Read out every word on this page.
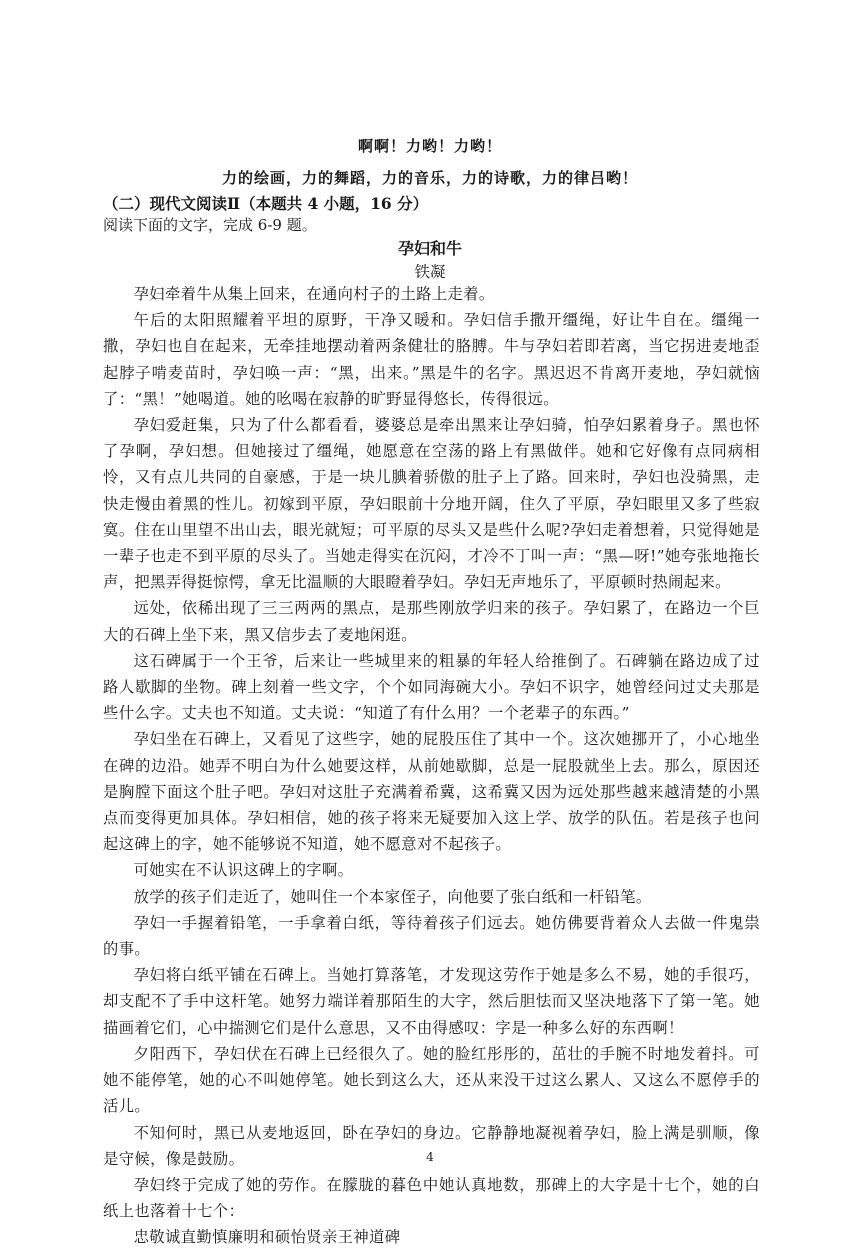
啊啊！力哟！力哟！
力的绘画，力的舞蹈，力的音乐，力的诗歌，力的律吕哟！
（二）现代文阅读Ⅱ（本题共 4 小题，16 分）
阅读下面的文字，完成 6-9 题。
孕妇和牛
铁凝

孕妇牵着牛从集上回来，在通向村子的土路上走着。

午后的太阳照耀着平坦的原野，干净又暖和。孕妇信手撒开缰绳，好让牛自在。缰绳一撒，孕妇也自在起来，无牵挂地摆动着两条健壮的胳膊。牛与孕妇若即若离，当它拐进麦地歪起脖子啃麦苗时，孕妇唤一声：“黑，出来。”黑是牛的名字。黑迟迟不肯离开麦地，孕妇就恼了：“黑！”她喝道。她的吆喝在寂静的旷野显得悠长，传得很远。

孕妇爱赶集，只为了什么都看看，婆婆总是牵出黑来让孕妇骑，怕孕妇累着身子。黑也怀了孕啊，孕妇想。但她接过了缰绳，她愿意在空荡的路上有黑做伴。她和它好像有点同病相怜，又有点儿共同的自豪感，于是一块儿腆着骄傲的肚子上了路。回来时，孕妇也没骑黑，走快走慢由着黑的性儿。初嫁到平原，孕妇眼前十分地开阔，住久了平原，孕妇眼里又多了些寂寞。住在山里望不出山去，眼光就短；可平原的尽头又是些什么呢?孕妇走着想着，只觉得她是一辈子也走不到平原的尽头了。当她走得实在沉闷，才冷不丁叫一声：“黑—呀!”她夸张地拖长声，把黑弄得挺惊愕，拿无比温顺的大眼瞪着孕妇。孕妇无声地乐了，平原顿时热闹起来。

远处，依稀出现了三三两两的黑点，是那些刚放学归来的孩子。孕妇累了，在路边一个巨大的石碑上坐下来，黑又信步去了麦地闲逛。

这石碑属于一个王爷，后来让一些城里来的粗暴的年轻人给推倒了。石碑躺在路边成了过路人歇脚的坐物。碑上刻着一些文字，个个如同海碗大小。孕妇不识字，她曾经问过丈夫那是些什么字。丈夫也不知道。丈夫说：“知道了有什么用？一个老辈子的东西。”

孕妇坐在石碑上，又看见了这些字，她的屁股压住了其中一个。这次她挪开了，小心地坐在碑的边沿。她弄不明白为什么她要这样，从前她歇脚，总是一屁股就坐上去。那么，原因还是胸膛下面这个肚子吧。孕妇对这肚子充满着希冀，这希冀又因为远处那些越来越清楚的小黑点而变得更加具体。孕妇相信，她的孩子将来无疑要加入这上学、放学的队伍。若是孩子也问起这碑上的字，她不能够说不知道，她不愿意对不起孩子。

可她实在不认识这碑上的字啊。

放学的孩子们走近了，她叫住一个本家侄子，向他要了张白纸和一杆铅笔。

孕妇一手握着铅笔，一手拿着白纸，等待着孩子们远去。她仿佛要背着众人去做一件鬼祟的事。

孕妇将白纸平铺在石碑上。当她打算落笔，才发现这劳作于她是多么不易，她的手很巧，却支配不了手中这杆笔。她努力端详着那陌生的大字，然后胆怯而又坚决地落下了第一笔。她描画着它们，心中揣测它们是什么意思，又不由得感叹：字是一种多么好的东西啊！

夕阳西下，孕妇伏在石碑上已经很久了。她的脸红彤彤的，茁壮的手腕不时地发着抖。可她不能停笔，她的心不叫她停笔。她长到这么大，还从来没干过这么累人、又这么不愿停手的活儿。

不知何时，黑已从麦地返回，卧在孕妇的身边。它静静地凝视着孕妇，脸上满是驯顺，像是守候，像是鼓励。

孕妇终于完成了她的劳作。在朦胧的暮色中她认真地数，那碑上的大字是十七个，她的白纸上也落着十七个：

忠敬诚直勤慎廉明和硕怡贤亲王神道碑

4
